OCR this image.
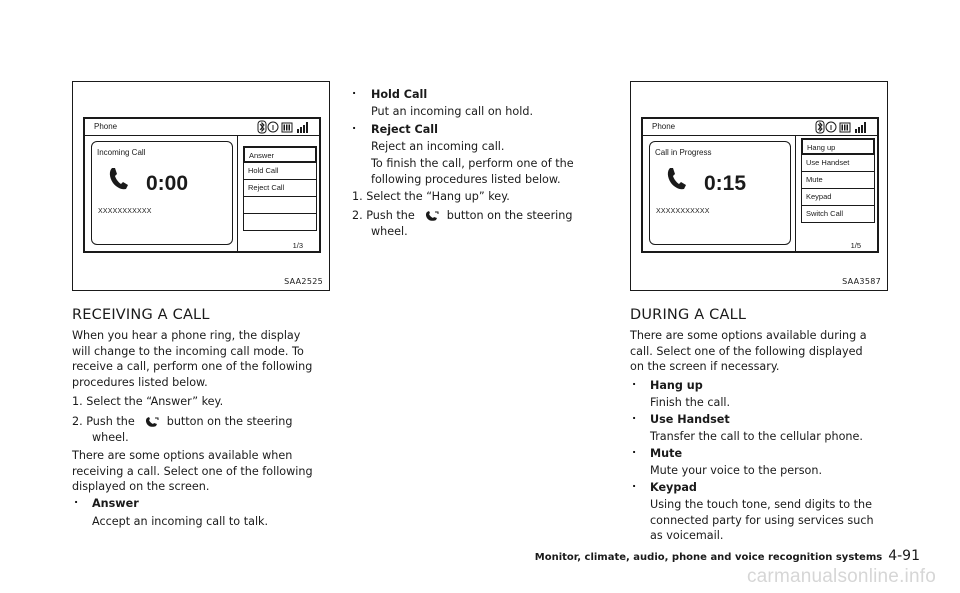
Phone
Incoming Call
0:00
XXXXXXXXXXX
Answer
Hold Call
Reject Call
1/3
SAA2525
Phone
Call in Progress
0:15
XXXXXXXXXXX
Hang up
Use Handset
Mute
Keypad
Switch Call
1/5
SAA3587
RECEIVING A CALL
When you hear a phone ring, the display
will change to the incoming call mode. To
receive a call, perform one of the following
procedures listed below.
1. Select the “Answer” key.
2. Push the	button on the steering
wheel.
There are some options available when
receiving a call. Select one of the following
displayed on the screen.
. Answer
Accept an incoming call to talk.
. Hold Call
Put an incoming call on hold.
. Reject Call
Reject an incoming call.
To finish the call, perform one of the
following procedures listed below.
1. Select the “Hang up” key.
2. Push the	button on the steering
wheel.
DURING A CALL
There are some options available during a
call. Select one of the following displayed
on the screen if necessary.
. Hang up
Finish the call.
. Use Handset
Transfer the call to the cellular phone.
. Mute
Mute your voice to the person.
. Keypad
Using the touch tone, send digits to the
connected party for using services such
as voicemail.
Monitor, climate, audio, phone and voice recognition systems 4-91
carmanualsonline.info
